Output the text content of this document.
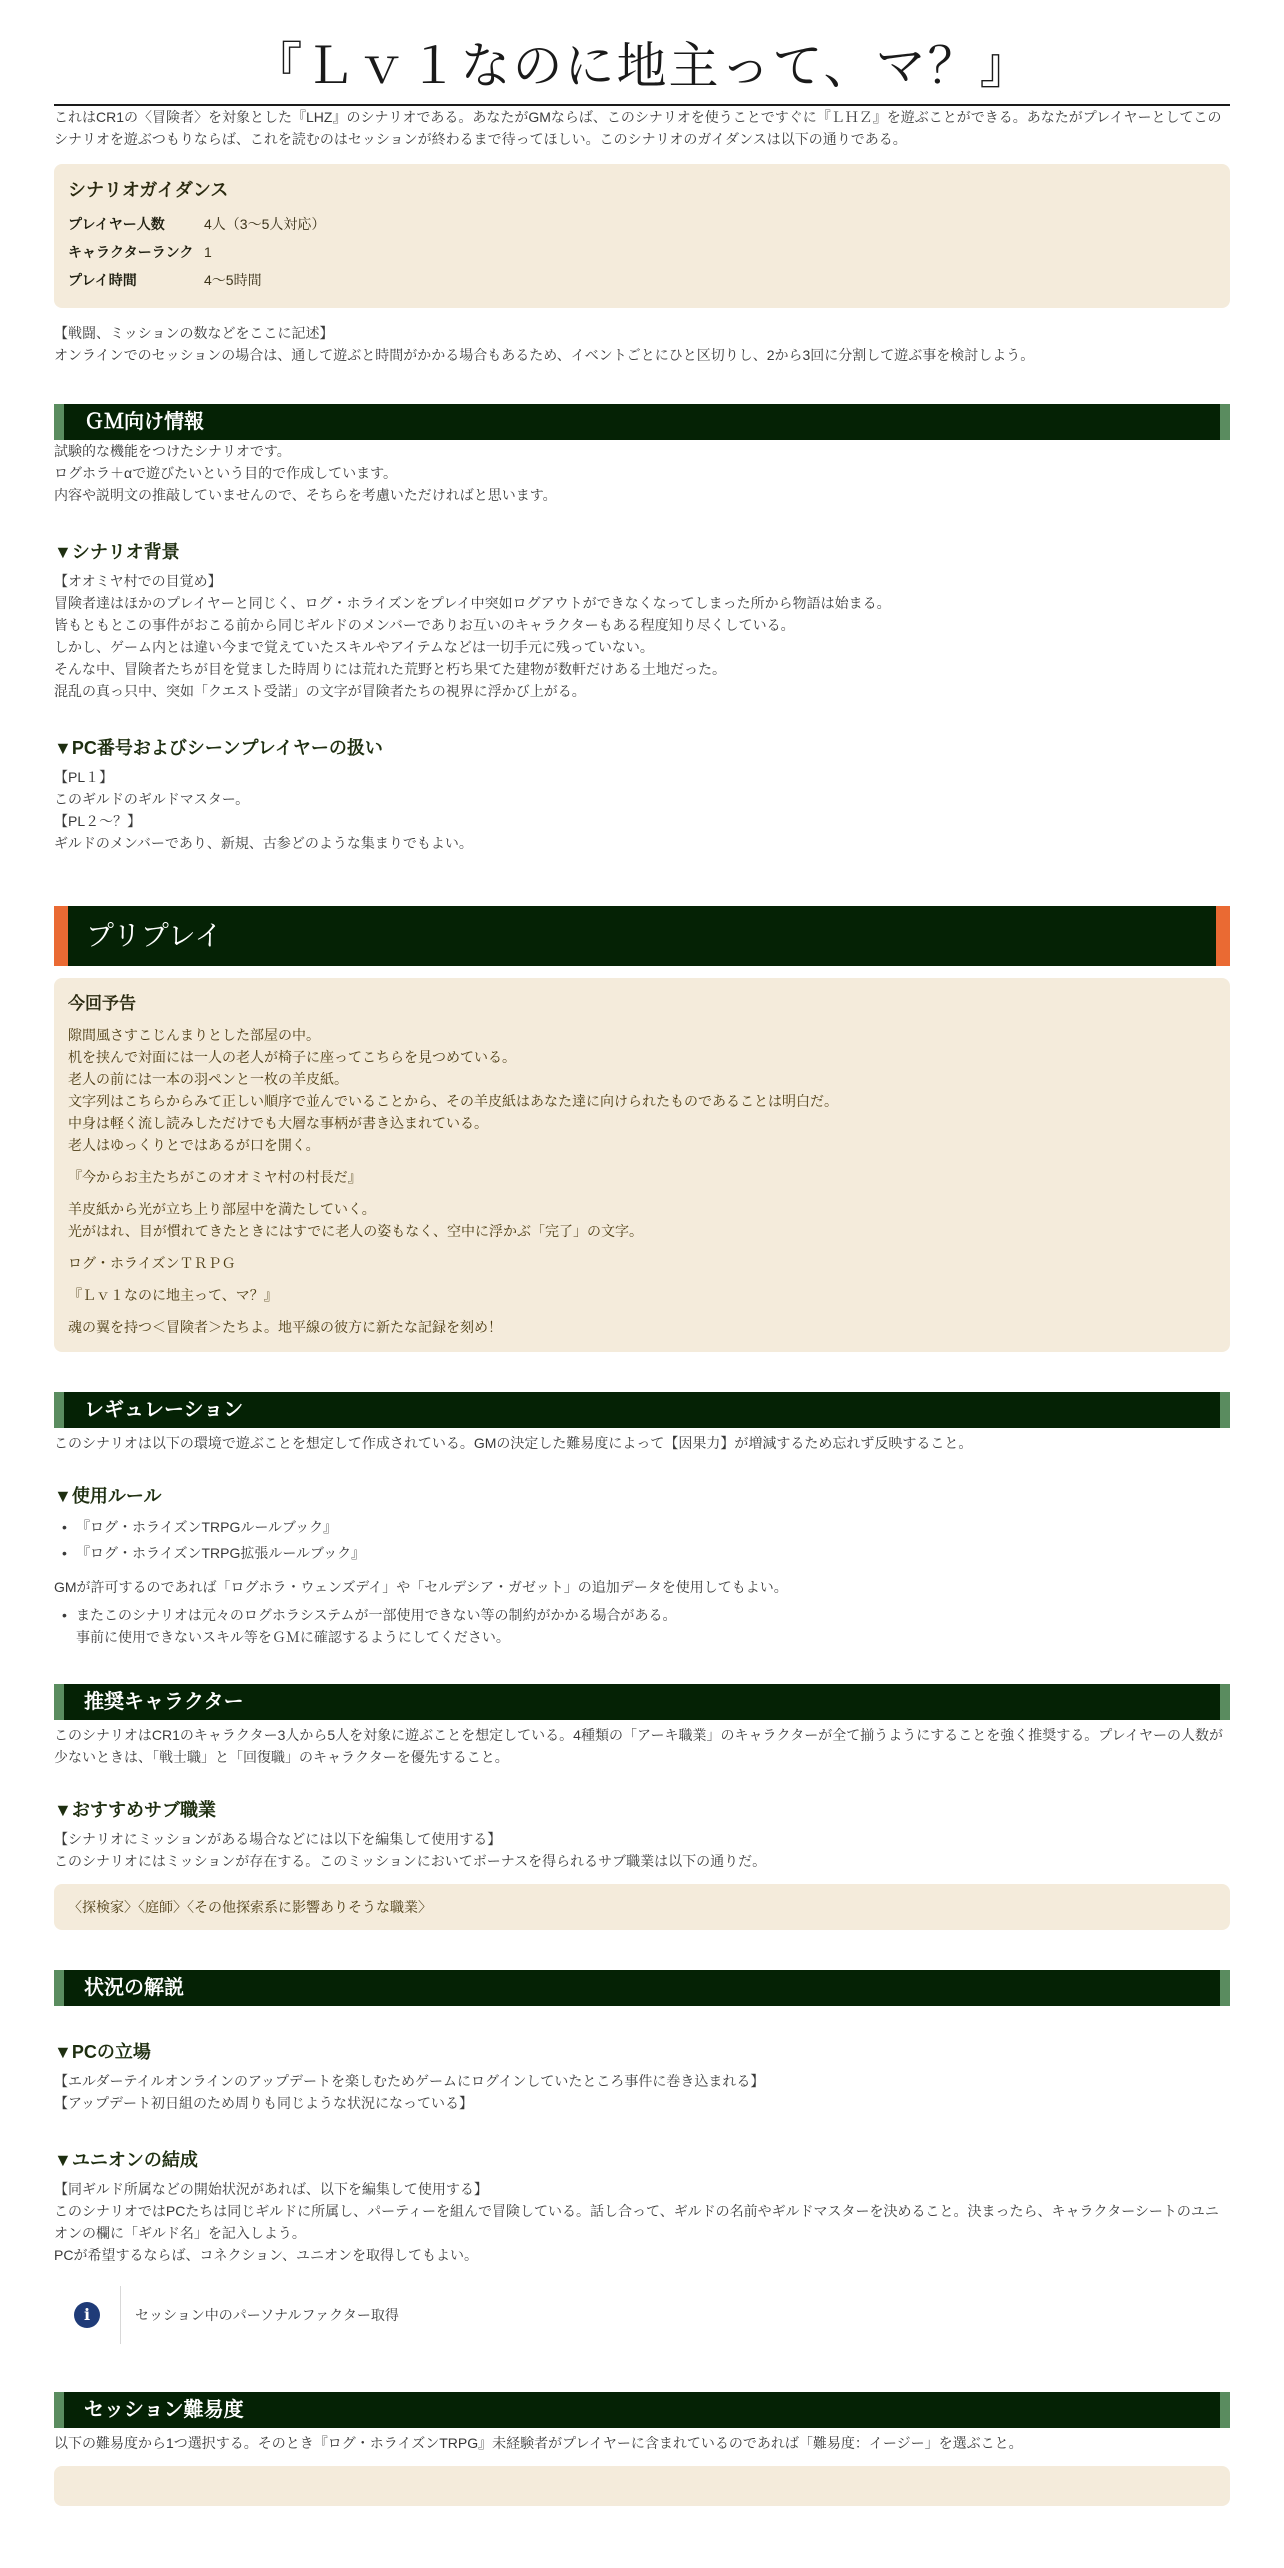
『Ｌｖ１なのに地主って、マ？』

これはCR1の〈冒険者〉を対象とした『LHZ』のシナリオである。あなたがGMならば、このシナリオを使うことですぐに『ＬＨＺ』を遊ぶことができる。あなたがプレイヤーとしてこのシナリオを遊ぶつもりならば、これを読むのはセッションが終わるまで待ってほしい。このシナリオのガイダンスは以下の通りである。

シナリオガイダンス
プレイヤー人数	4人（3～5人対応）
キャラクターランク 1
プレイ時間	4～5時間

【戦闘、ミッションの数などをここに記述】

オンラインでのセッションの場合は、通して遊ぶと時間がかかる場合もあるため、イベントごとにひと区切りし、2から3回に分割して遊ぶ事を検討しよう。

ＧＭ向け情報

試験的な機能をつけたシナリオです。

ログホラ＋αで遊びたいという目的で作成しています。

内容や説明文の推敲していませんので、そちらを考慮いただければと思います。

▼シナリオ背景

【オオミヤ村での目覚め】

冒険者達はほかのプレイヤーと同じく、ログ・ホライズンをプレイ中突如ログアウトができなくなってしまった所から物語は始まる。

皆もともとこの事件がおこる前から同じギルドのメンバーでありお互いのキャラクターもある程度知り尽くしている。

しかし、ゲーム内とは違い今まで覚えていたスキルやアイテムなどは一切手元に残っていない。

そんな中、冒険者たちが目を覚ました時周りには荒れた荒野と朽ち果てた建物が数軒だけある土地だった。

混乱の真っ只中、突如「クエスト受諾」の文字が冒険者たちの視界に浮かび上がる。

▼PC番号およびシーンプレイヤーの扱い

【PL１】

このギルドのギルドマスター。

【PL２～？】

ギルドのメンバーであり、新規、古参どのような集まりでもよい。

プリプレイ
今回予告

隙間風さすこじんまりとした部屋の中。

机を挟んで対面には一人の老人が椅子に座ってこちらを見つめている。

老人の前には一本の羽ペンと一枚の羊皮紙。

文字列はこちらからみて正しい順序で並んでいることから、その羊皮紙はあなた達に向けられたものであることは明白だ。

中身は軽く流し読みしただけでも大層な事柄が書き込まれている。

老人はゆっくりとではあるが口を開く。

『今からお主たちがこのオオミヤ村の村長だ』

羊皮紙から光が立ち上り部屋中を満たしていく。

光がはれ、目が慣れてきたときにはすでに老人の姿もなく、空中に浮かぶ「完了」の文字。

ログ・ホライズンＴＲＰＧ

『Ｌｖ１なのに地主って、マ？』

魂の翼を持つ＜冒険者＞たちよ。地平線の彼方に新たな記録を刻め！

レギュレーション

このシナリオは以下の環境で遊ぶことを想定して作成されている。GMの決定した難易度によって【因果力】が増減するため忘れず反映すること。

▼使用ルール
• 『ログ・ホライズンTRPGルールブック』
• 『ログ・ホライズンTRPG拡張ルールブック』

GMが許可するのであれば「ログホラ・ウェンズデイ」や「セルデシア・ガゼット」の追加データを使用してもよい。

• またこのシナリオは元々のログホラシステムが一部使用できない等の制約がかかる場合がある。
事前に使用できないスキル等をＧＭに確認するようにしてください。
推奨キャラクター

このシナリオはCR1のキャラクター3人から5人を対象に遊ぶことを想定している。4種類の「アーキ職業」のキャラクターが全て揃うようにすることを強く推奨する。プレイヤーの人数が少ないときは、「戦士職」と「回復職」のキャラクターを優先すること。

▼おすすめサブ職業

【シナリオにミッションがある場合などには以下を編集して使用する】

このシナリオにはミッションが存在する。このミッションにおいてボーナスを得られるサブ職業は以下の通りだ。

〈探検家〉〈庭師〉〈その他探索系に影響ありそうな職業〉

状況の解説
▼PCの立場

【エルダーテイルオンラインのアップデートを楽しむためゲームにログインしていたところ事件に巻き込まれる】

【アップデート初日組のため周りも同じような状況になっている】

▼ユニオンの結成

【同ギルド所属などの開始状況があれば、以下を編集して使用する】

このシナリオではPCたちは同じギルドに所属し、パーティーを組んで冒険している。話し合って、ギルドの名前やギルドマスターを決めること。決まったら、キャラクターシートのユニオンの欄に「ギルド名」を記入しよう。

PCが希望するならば、コネクション、ユニオンを取得してもよい。

i	セッション中のパーソナルファクター取得
セッション難易度

以下の難易度から1つ選択する。そのとき『ログ・ホライズンTRPG』未経験者がプレイヤーに含まれているのであれば「難易度：イージー」を選ぶこと。
